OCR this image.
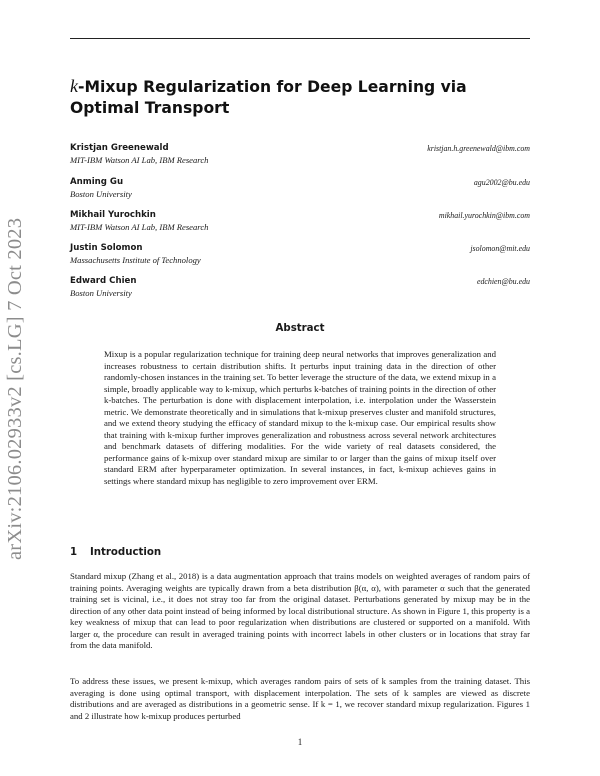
arXiv:2106.02933v2 [cs.LG] 7 Oct 2023
k-Mixup Regularization for Deep Learning via Optimal Transport
Kristjan Greenewald
MIT-IBM Watson AI Lab, IBM Research
kristjan.h.greenewald@ibm.com
Anming Gu
Boston University
agu2002@bu.edu
Mikhail Yurochkin
MIT-IBM Watson AI Lab, IBM Research
mikhail.yurochkin@ibm.com
Justin Solomon
Massachusetts Institute of Technology
jsolomon@mit.edu
Edward Chien
Boston University
edchien@bu.edu
Abstract
Mixup is a popular regularization technique for training deep neural networks that improves generalization and increases robustness to certain distribution shifts. It perturbs input training data in the direction of other randomly-chosen instances in the training set. To better leverage the structure of the data, we extend mixup in a simple, broadly applicable way to k-mixup, which perturbs k-batches of training points in the direction of other k-batches. The perturbation is done with displacement interpolation, i.e. interpolation under the Wasserstein metric. We demonstrate theoretically and in simulations that k-mixup preserves cluster and manifold structures, and we extend theory studying the efficacy of standard mixup to the k-mixup case. Our empirical results show that training with k-mixup further improves generalization and robustness across several network architectures and benchmark datasets of differing modalities. For the wide variety of real datasets considered, the performance gains of k-mixup over standard mixup are similar to or larger than the gains of mixup itself over standard ERM after hyperparameter optimization. In several instances, in fact, k-mixup achieves gains in settings where standard mixup has negligible to zero improvement over ERM.
1 Introduction
Standard mixup (Zhang et al., 2018) is a data augmentation approach that trains models on weighted averages of random pairs of training points. Averaging weights are typically drawn from a beta distribution β(α, α), with parameter α such that the generated training set is vicinal, i.e., it does not stray too far from the original dataset. Perturbations generated by mixup may be in the direction of any other data point instead of being informed by local distributional structure. As shown in Figure 1, this property is a key weakness of mixup that can lead to poor regularization when distributions are clustered or supported on a manifold. With larger α, the procedure can result in averaged training points with incorrect labels in other clusters or in locations that stray far from the data manifold.
To address these issues, we present k-mixup, which averages random pairs of sets of k samples from the training dataset. This averaging is done using optimal transport, with displacement interpolation. The sets of k samples are viewed as discrete distributions and are averaged as distributions in a geometric sense. If k = 1, we recover standard mixup regularization. Figures 1 and 2 illustrate how k-mixup produces perturbed
1
